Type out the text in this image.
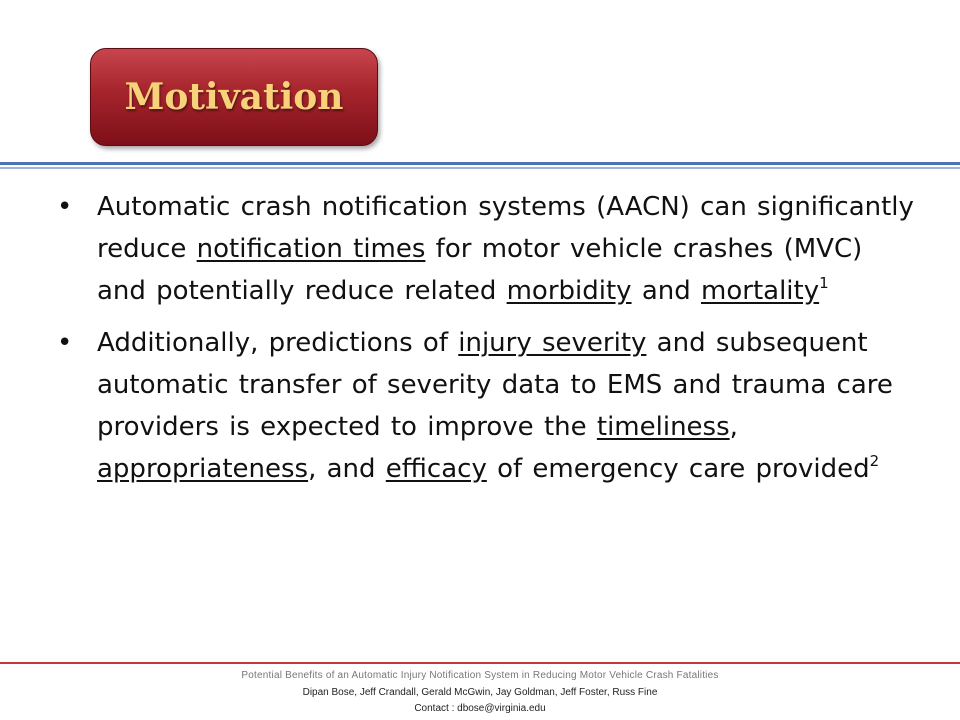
Motivation
• Automatic crash notification systems (AACN) can significantly reduce notification times for motor vehicle crashes (MVC) and potentially reduce related morbidity and mortality$^1$
• Additionally, predictions of injury severity and subsequent automatic transfer of severity data to EMS and trauma care providers is expected to improve the timeliness, appropriateness, and efficacy of emergency care provided$^2$
Potential Benefits of an Automatic Injury Notification System in Reducing Motor Vehicle Crash Fatalities
Dipan Bose, Jeff Crandall, Gerald McGwin, Jay Goldman, Jeff Foster, Russ Fine
Contact : dbose@virginia.edu
